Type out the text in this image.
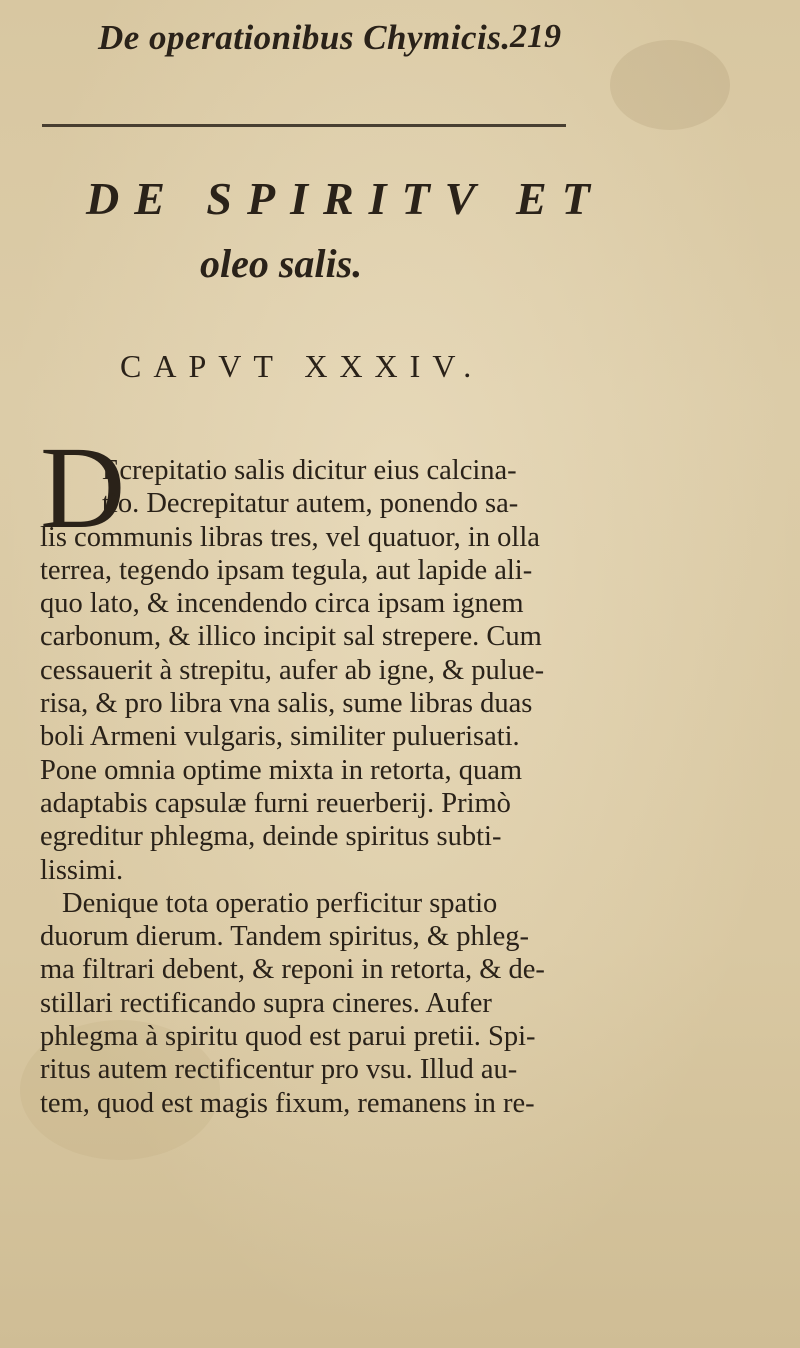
De operationibus Chymicis. 219
DE SPIRITV ET
oleo salis.
CAPVT XXXIV.
D
Ecrepitatio salis dicitur eius calcina-
tio. Decrepitatur autem, ponendo sa-
lis communis libras tres, vel quatuor, in olla
terrea, tegendo ipsam tegula, aut lapide ali-
quo lato, & incendendo circa ipsam ignem
carbonum, & illico incipit sal strepere. Cum
cessauerit à strepitu, aufer ab igne, & pulue-
risa, & pro libra vna salis, sume libras duas
boli Armeni vulgaris, similiter puluerisati.
Pone omnia optime mixta in retorta, quam
adaptabis capsulæ furni reuerberij. Primò
egreditur phlegma, deinde spiritus subti-
lissimi.
Denique tota operatio perficitur spatio
duorum dierum. Tandem spiritus, & phleg-
ma filtrari debent, & reponi in retorta, & de-
stillari rectificando supra cineres. Aufer
phlegma à spiritu quod est parui pretii. Spi-
ritus autem rectificentur pro vsu. Illud au-
tem, quod est magis fixum, remanens in re-
